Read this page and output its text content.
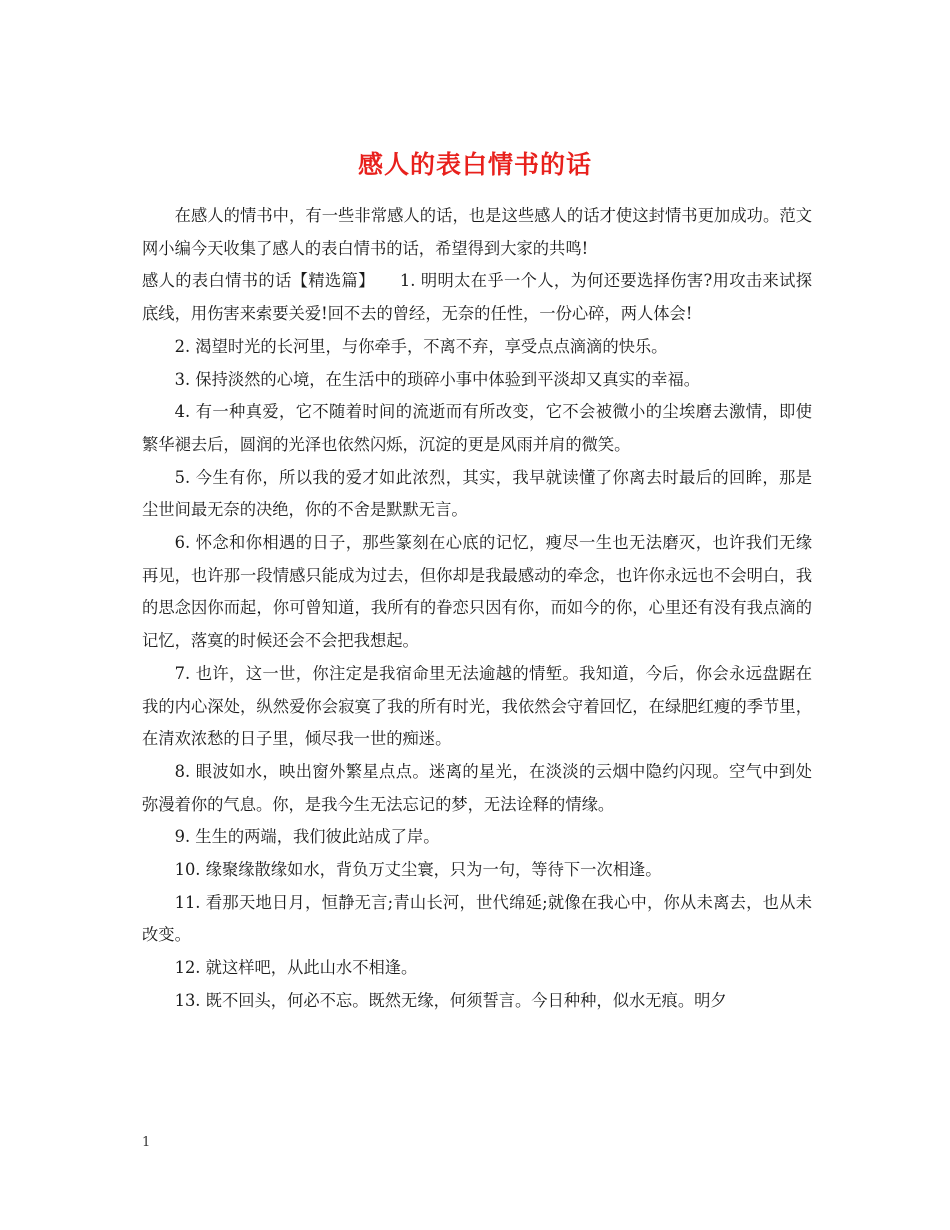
感人的表白情书的话

在感人的情书中，有一些非常感人的话，也是这些感人的话才使这封情书更加成功。范文网小编今天收集了感人的表白情书的话，希望得到大家的共鸣!

感人的表白情书的话【精选篇】　　1. 明明太在乎一个人，为何还要选择伤害?用攻击来试探底线，用伤害来索要关爱!回不去的曾经，无奈的任性，一份心碎，两人体会!

2. 渴望时光的长河里，与你牵手，不离不弃，享受点点滴滴的快乐。

3. 保持淡然的心境，在生活中的琐碎小事中体验到平淡却又真实的幸福。

4. 有一种真爱，它不随着时间的流逝而有所改变，它不会被微小的尘埃磨去激情，即使繁华褪去后，圆润的光泽也依然闪烁，沉淀的更是风雨并肩的微笑。

5. 今生有你，所以我的爱才如此浓烈，其实，我早就读懂了你离去时最后的回眸，那是尘世间最无奈的决绝，你的不舍是默默无言。

6. 怀念和你相遇的日子，那些篆刻在心底的记忆，瘦尽一生也无法磨灭，也许我们无缘再见，也许那一段情感只能成为过去，但你却是我最感动的牵念，也许你永远也不会明白，我的思念因你而起，你可曾知道，我所有的眷恋只因有你，而如今的你，心里还有没有我点滴的记忆，落寞的时候还会不会把我想起。

7. 也许，这一世，你注定是我宿命里无法逾越的情堑。我知道，今后，你会永远盘踞在我的内心深处，纵然爱你会寂寞了我的所有时光，我依然会守着回忆，在绿肥红瘦的季节里，在清欢浓愁的日子里，倾尽我一世的痴迷。

8. 眼波如水，映出窗外繁星点点。迷离的星光，在淡淡的云烟中隐约闪现。空气中到处弥漫着你的气息。你，是我今生无法忘记的梦，无法诠释的情缘。

9. 生生的两端，我们彼此站成了岸。

10. 缘聚缘散缘如水，背负万丈尘寰，只为一句，等待下一次相逢。

11. 看那天地日月，恒静无言;青山长河，世代绵延;就像在我心中，你从未离去，也从未改变。

12. 就这样吧，从此山水不相逢。

13. 既不回头，何必不忘。既然无缘，何须誓言。今日种种，似水无痕。明夕

1
